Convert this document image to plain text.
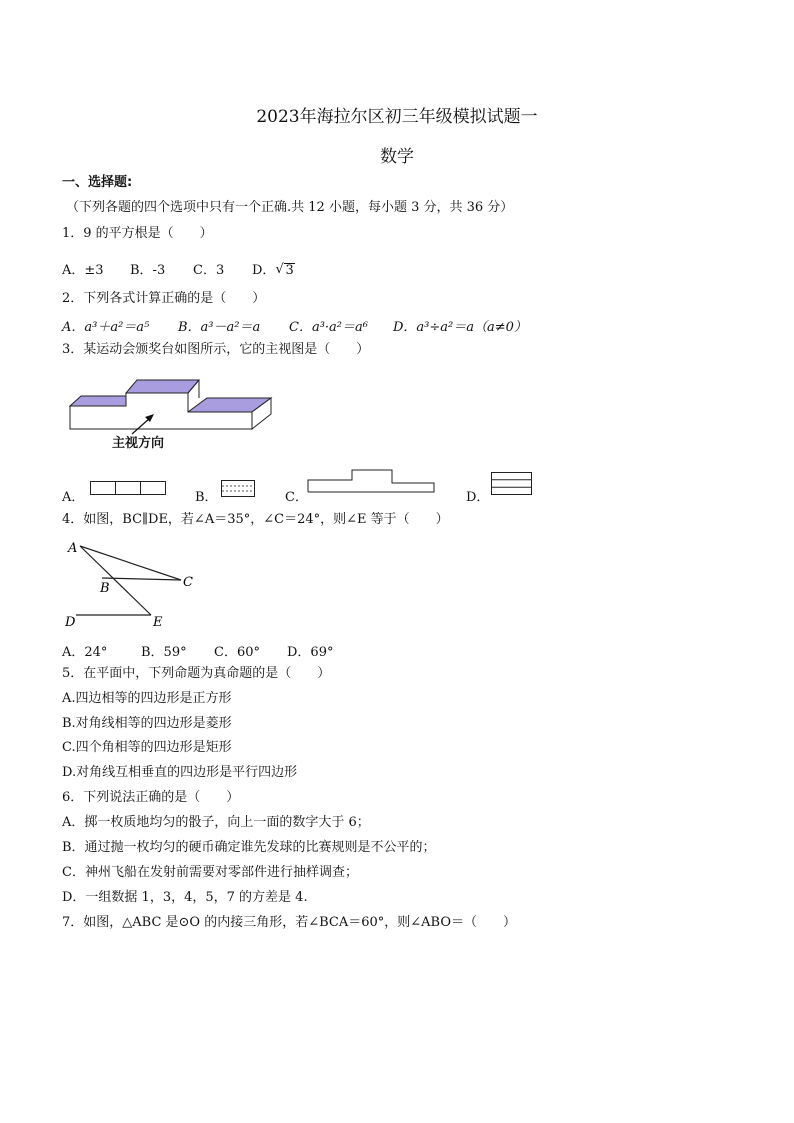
2023年海拉尔区初三年级模拟试题一
数学
一、选择题:
（下列各题的四个选项中只有一个正确.共 12 小题，每小题 3 分，共 36 分）
1．9 的平方根是（　　）
A．±3 B．-3 C．3 D． √ 3
2．下列各式计算正确的是（　　）
A．a³＋a²＝a⁵ B．a³－a²＝a C．a³·a²＝a⁶ D．a³÷a²＝a（a≠0）
3．某运动会颁奖台如图所示，它的主视图是（　　）
主视方向
A．	B．	C．	D．
4．如图，BC∥DE，若∠A＝35°，∠C＝24°，则∠E 等于（　　）
A
B	C
D	E
A．24°	B．59° C．60° D．69°
5．在平面中，下列命题为真命题的是（　　）
A.四边相等的四边形是正方形
B.对角线相等的四边形是菱形
C.四个角相等的四边形是矩形
D.对角线互相垂直的四边形是平行四边形
6．下列说法正确的是（　　）
A．掷一枚质地均匀的骰子，向上一面的数字大于 6；
B．通过抛一枚均匀的硬币确定谁先发球的比赛规则是不公平的；
C．神州飞船在发射前需要对零部件进行抽样调查；
D．一组数据 1，3，4，5，7 的方差是 4.
7．如图，△ABC 是⊙O 的内接三角形，若∠BCA＝60°，则∠ABO＝（　　）
